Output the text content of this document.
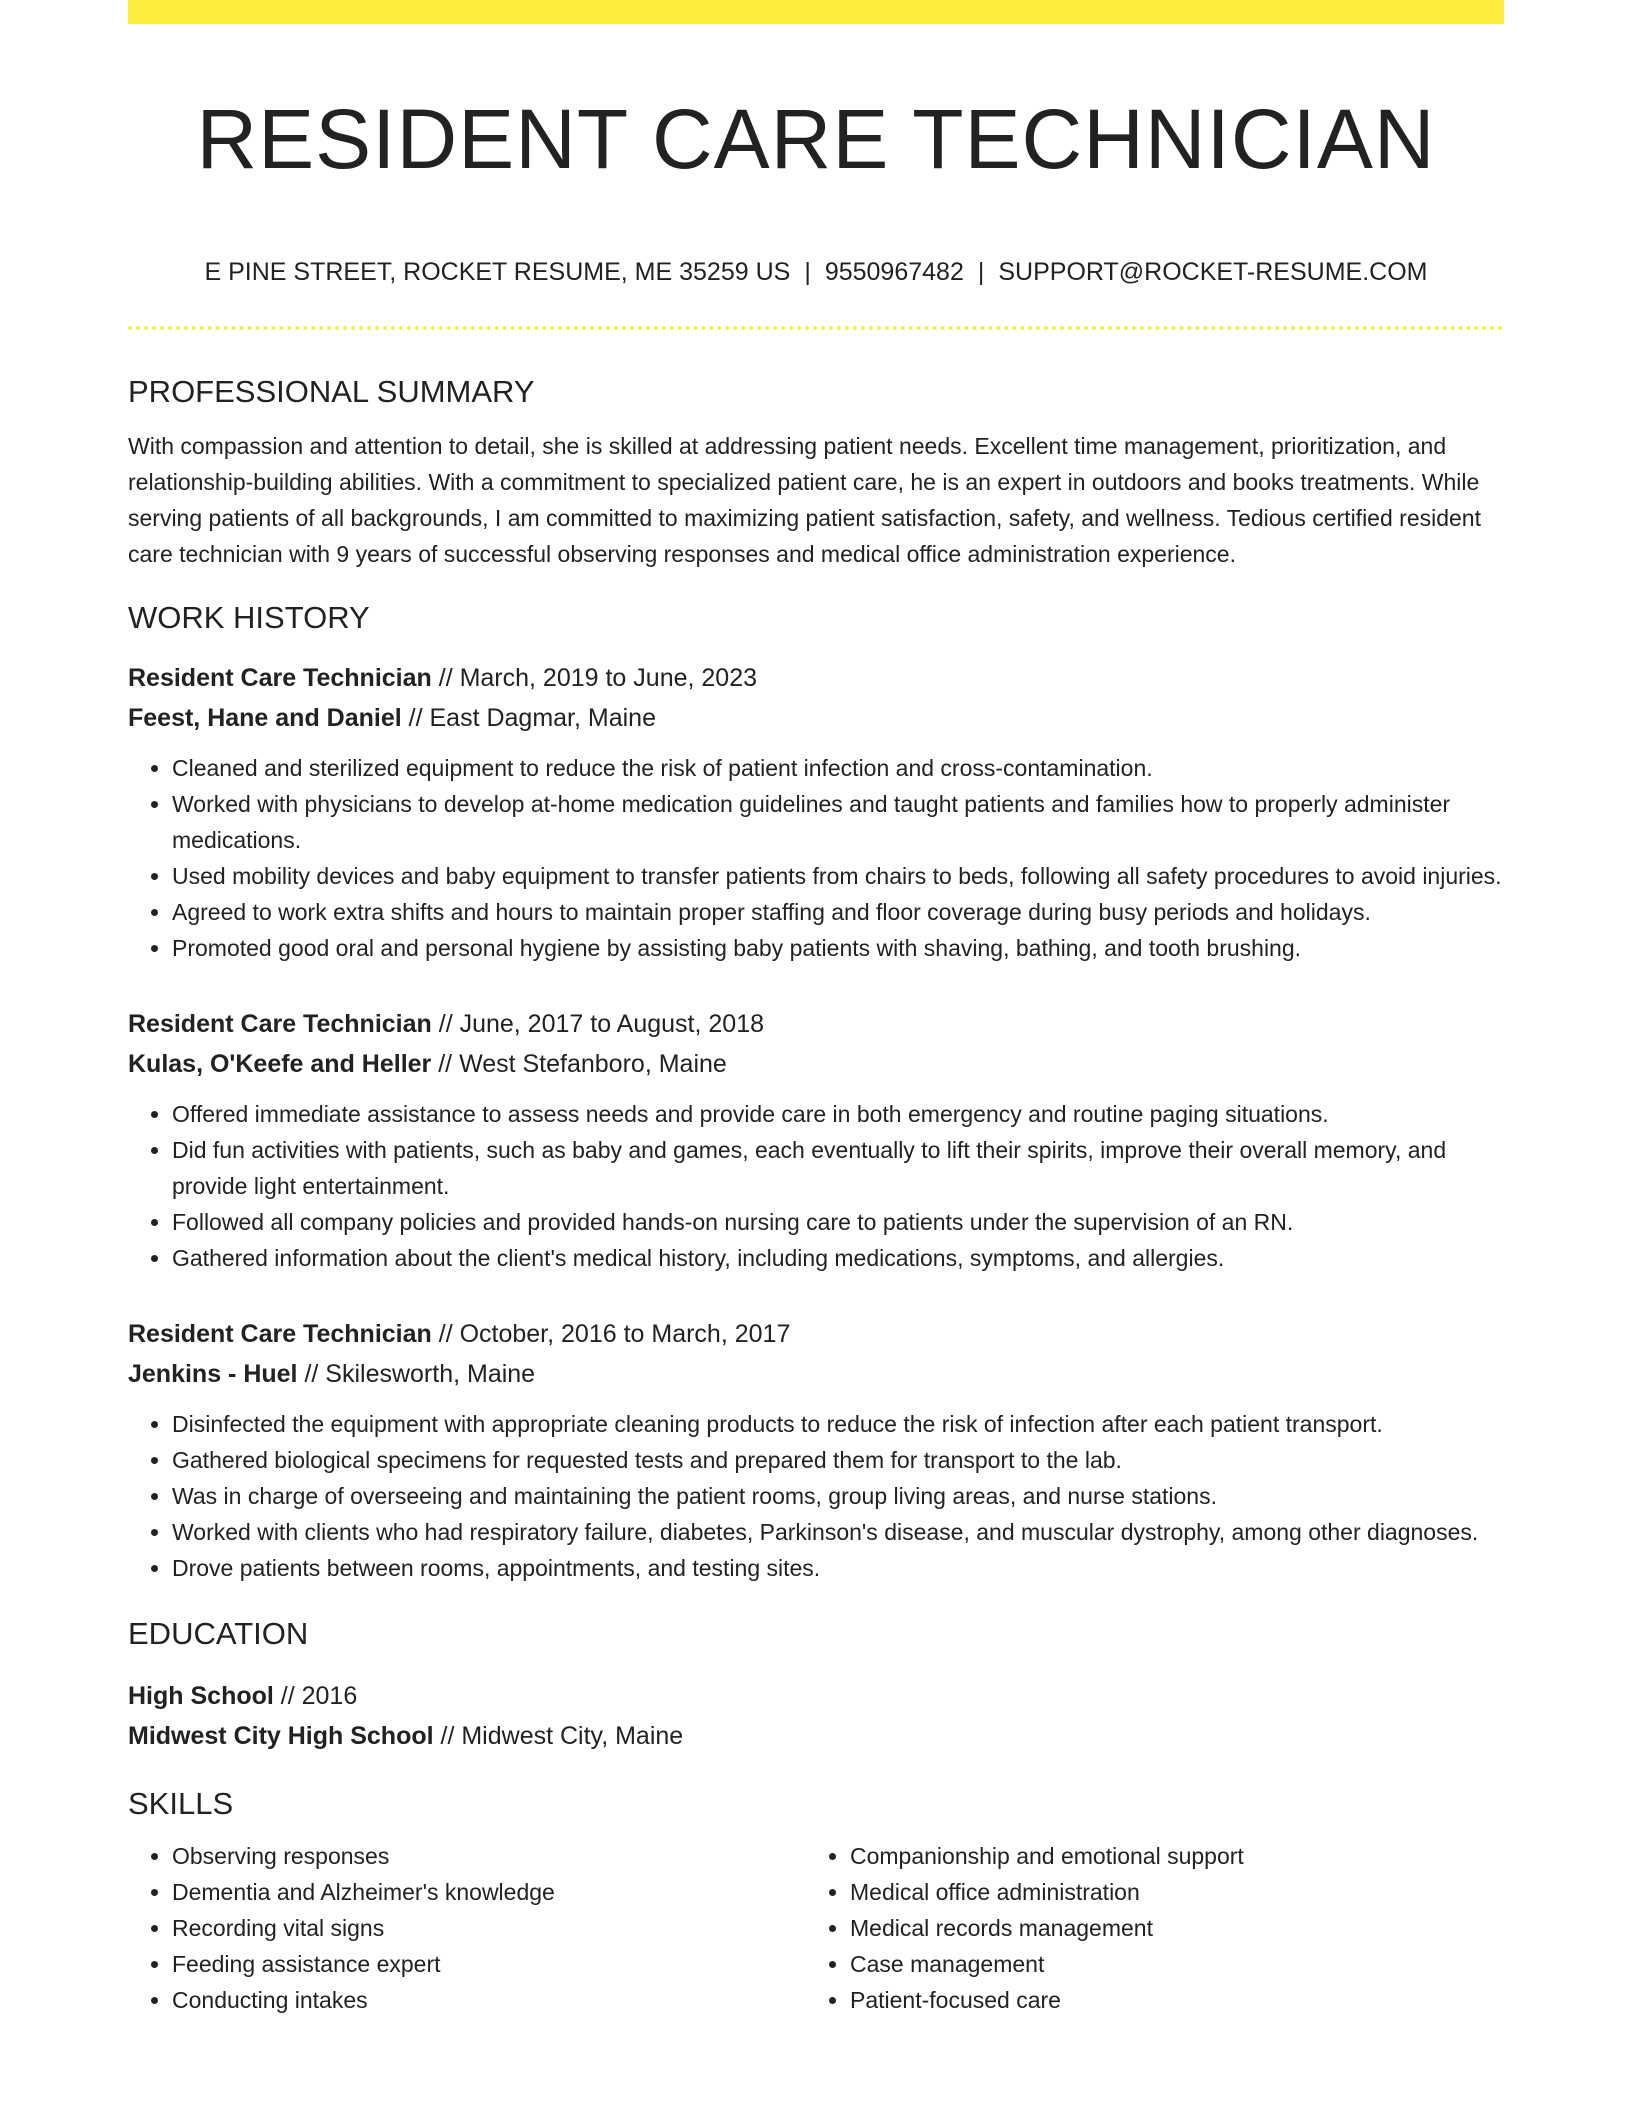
RESIDENT CARE TECHNICIAN
E PINE STREET, ROCKET RESUME, ME 35259 US | 9550967482 | SUPPORT@ROCKET-RESUME.COM
PROFESSIONAL SUMMARY
With compassion and attention to detail, she is skilled at addressing patient needs. Excellent time management, prioritization, and relationship-building abilities. With a commitment to specialized patient care, he is an expert in outdoors and books treatments. While serving patients of all backgrounds, I am committed to maximizing patient satisfaction, safety, and wellness. Tedious certified resident care technician with 9 years of successful observing responses and medical office administration experience.
WORK HISTORY
Resident Care Technician // March, 2019 to June, 2023
Feest, Hane and Daniel // East Dagmar, Maine
• Cleaned and sterilized equipment to reduce the risk of patient infection and cross-contamination.
• Worked with physicians to develop at-home medication guidelines and taught patients and families how to properly administer medications.
• Used mobility devices and baby equipment to transfer patients from chairs to beds, following all safety procedures to avoid injuries.
• Agreed to work extra shifts and hours to maintain proper staffing and floor coverage during busy periods and holidays.
• Promoted good oral and personal hygiene by assisting baby patients with shaving, bathing, and tooth brushing.
Resident Care Technician // June, 2017 to August, 2018
Kulas, O'Keefe and Heller // West Stefanboro, Maine
• Offered immediate assistance to assess needs and provide care in both emergency and routine paging situations.
• Did fun activities with patients, such as baby and games, each eventually to lift their spirits, improve their overall memory, and provide light entertainment.
• Followed all company policies and provided hands-on nursing care to patients under the supervision of an RN.
• Gathered information about the client's medical history, including medications, symptoms, and allergies.
Resident Care Technician // October, 2016 to March, 2017
Jenkins - Huel // Skilesworth, Maine
• Disinfected the equipment with appropriate cleaning products to reduce the risk of infection after each patient transport.
• Gathered biological specimens for requested tests and prepared them for transport to the lab.
• Was in charge of overseeing and maintaining the patient rooms, group living areas, and nurse stations.
• Worked with clients who had respiratory failure, diabetes, Parkinson's disease, and muscular dystrophy, among other diagnoses.
• Drove patients between rooms, appointments, and testing sites.
EDUCATION
High School // 2016
Midwest City High School // Midwest City, Maine
SKILLS
• Observing responses
• Dementia and Alzheimer's knowledge
• Recording vital signs
• Feeding assistance expert
• Conducting intakes
• Companionship and emotional support
• Medical office administration
• Medical records management
• Case management
• Patient-focused care
